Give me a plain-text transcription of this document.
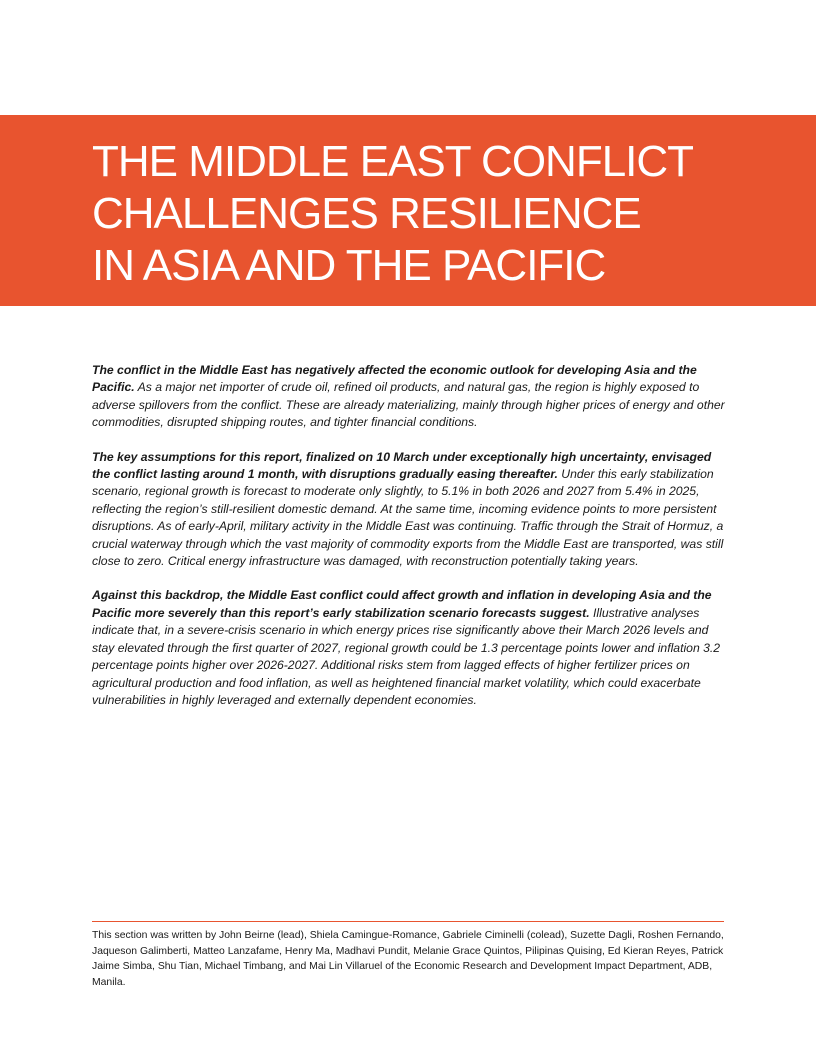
THE MIDDLE EAST CONFLICT
CHALLENGES RESILIENCE
IN ASIA AND THE PACIFIC

The conflict in the Middle East has negatively affected the economic outlook for developing Asia and the Pacific. As a major net importer of crude oil, refined oil products, and natural gas, the region is highly exposed to adverse spillovers from the conflict. These are already materializing, mainly through higher prices of energy and other commodities, disrupted shipping routes, and tighter financial conditions.

The key assumptions for this report, finalized on 10 March under exceptionally high uncertainty, envisaged the conflict lasting around 1 month, with disruptions gradually easing thereafter. Under this early stabilization scenario, regional growth is forecast to moderate only slightly, to 5.1% in both 2026 and 2027 from 5.4% in 2025, reflecting the region’s still-resilient domestic demand. At the same time, incoming evidence points to more persistent disruptions. As of early-April, military activity in the Middle East was continuing. Traffic through the Strait of Hormuz, a crucial waterway through which the vast majority of commodity exports from the Middle East are transported, was still close to zero. Critical energy infrastructure was damaged, with reconstruction potentially taking years.

Against this backdrop, the Middle East conflict could affect growth and inflation in developing Asia and the Pacific more severely than this report’s early stabilization scenario forecasts suggest. Illustrative analyses indicate that, in a severe-crisis scenario in which energy prices rise significantly above their March 2026 levels and stay elevated through the first quarter of 2027, regional growth could be 1.3 percentage points lower and inflation 3.2 percentage points higher over 2026-2027. Additional risks stem from lagged effects of higher fertilizer prices on agricultural production and food inflation, as well as heightened financial market volatility, which could exacerbate vulnerabilities in highly leveraged and externally dependent economies.

This section was written by John Beirne (lead), Shiela Camingue-Romance, Gabriele Ciminelli (colead), Suzette Dagli, Roshen Fernando, Jaqueson Galimberti, Matteo Lanzafame, Henry Ma, Madhavi Pundit, Melanie Grace Quintos, Pilipinas Quising, Ed Kieran Reyes, Patrick Jaime Simba, Shu Tian, Michael Timbang, and Mai Lin Villaruel of the Economic Research and Development Impact Department, ADB, Manila.
